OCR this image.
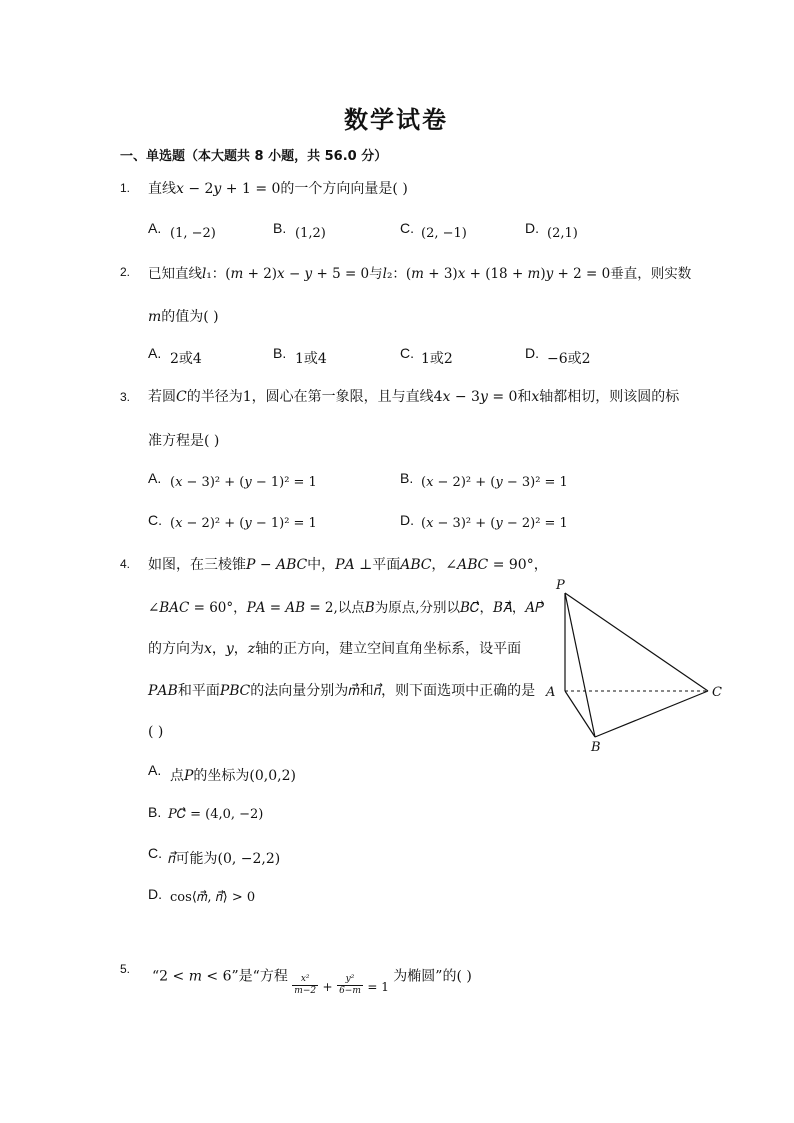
数学试卷
一、单选题（本大题共 8 小题，共 56.0 分）
1. 直线𝑥 − 2𝑦 + 1 = 0的一个方向向量是( )
A. (1, −2)	B. (1,2)	C. (2, −1)	D. (2,1)
2. 已知直线𝑙₁：(𝑚 + 2)𝑥 − 𝑦 + 5 = 0与𝑙₂：(𝑚 + 3)𝑥 + (18 + 𝑚)𝑦 + 2 = 0垂直，则实数
𝑚的值为( )
A. 2或4	B. 1或4	C. 1或2	D. −6或2
3. 若圆𝐶的半径为1，圆心在第一象限，且与直线4𝑥 − 3𝑦 = 0和𝑥轴都相切，则该圆的标
准方程是( )
A. (𝑥 − 3)² + (𝑦 − 1)² = 1	B. (𝑥 − 2)² + (𝑦 − 3)² = 1
C. (𝑥 − 2)² + (𝑦 − 1)² = 1	D. (𝑥 − 3)² + (𝑦 − 2)² = 1
4. 如图，在三棱锥𝑃 − 𝐴𝐵𝐶中，𝑃𝐴 ⊥平面𝐴𝐵𝐶，∠𝐴𝐵𝐶 = 90°，
∠𝐵𝐴𝐶 = 60°，𝑃𝐴 = 𝐴𝐵 = 2,以点𝐵为原点,分别以𝐵𝐶⃗，𝐵𝐴⃗，𝐴𝑃⃗
的方向为𝑥，𝑦，𝑧轴的正方向，建立空间直角坐标系，设平面
𝑃𝐴𝐵和平面𝑃𝐵𝐶的法向量分别为𝑚⃗和𝑛⃗，则下面选项中正确的是
( )
A. 点𝑃的坐标为(0,0,2)
B. 𝑃𝐶⃗ = (4,0, −2)
C. 𝑛⃗可能为(0, −2,2)
D. cos⟨𝑚⃗, 𝑛⃗⟩ > 0
P
A
B
C
5. “2 < 𝑚 < 6”是“方程 $\frac{\text{x²}}{m-2} + \frac{\text{y²}}{6-m} = 1$ 为椭圆”的( )
